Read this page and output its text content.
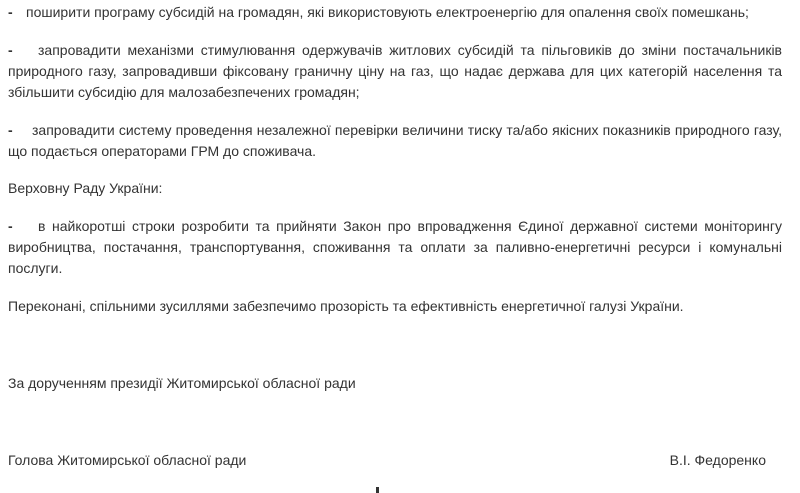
- поширити програму субсидій на громадян, які використовують електроенергію для опалення своїх помешкань;

- запровадити механізми стимулювання одержувачів житлових субсидій та пільговиків до зміни постачальників природного газу, запровадивши фіксовану граничну ціну на газ, що надає держава для цих категорій населення та збільшити субсидію для малозабезпечених громадян;

- запровадити систему проведення незалежної перевірки величини тиску та/або якісних показників природного газу, що подається операторами ГРМ до споживача.

Верховну Раду України:

- в найкоротші строки розробити та прийняти Закон про впровадження Єдиної державної системи моніторингу виробництва, постачання, транспортування, споживання та оплати за паливно-енергетичні ресурси і комунальні послуги.

Переконані, спільними зусиллями забезпечимо прозорість та ефективність енергетичної галузі України.

За дорученням президії Житомирської обласної ради

Голова Житомирської обласної ради	В.І. Федоренко
